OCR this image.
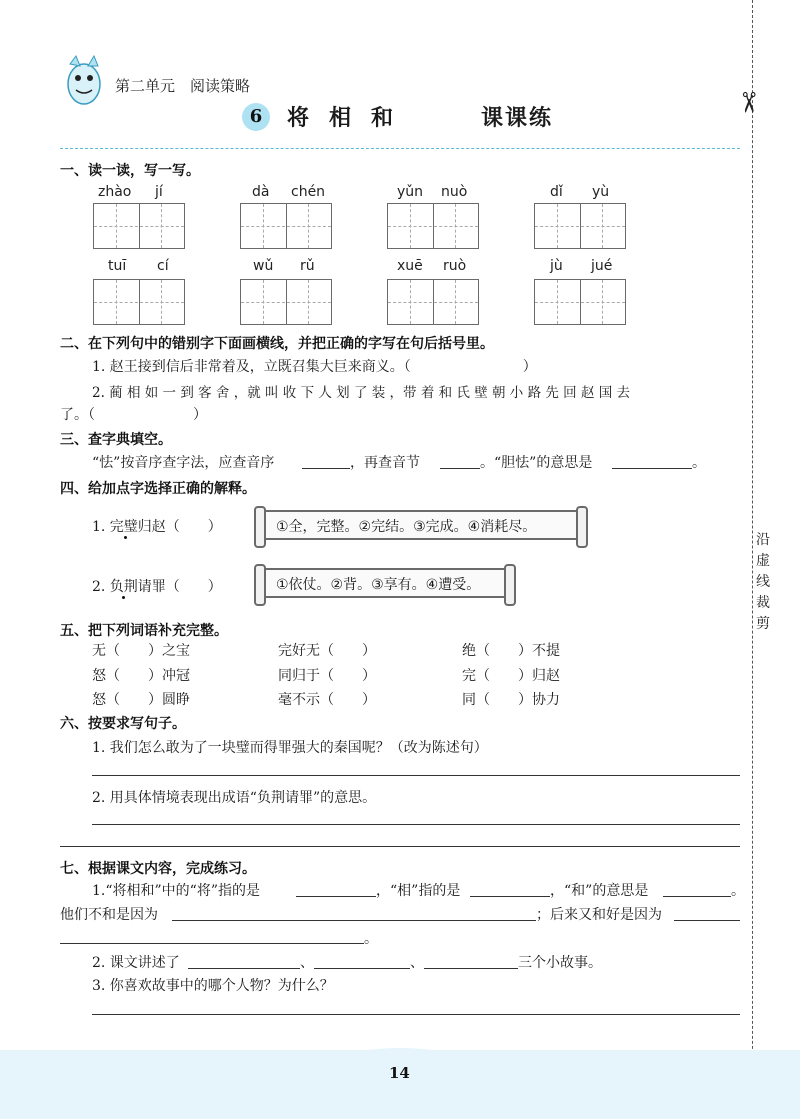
✂
沿虚线裁剪
第二单元　阅读策略
6	将相和	课课练
一、读一读，写一写。
zhào jí	dà chén	yǔn nuò	dǐ yù
tuī cí	wǔ rǔ	xuē ruò	jù jué
二、在下列句中的错别字下面画横线，并把正确的字写在句后括号里。
1. 赵王接到信后非常着及，立既召集大巨来商义。（　　　　　　　　）
2. 蔺 相 如 一 到 客 舍 ，就 叫 收 下 人 划 了 装 ，带 着 和 氏 壁 朝 小 路 先 回 赵 国 去
了。（　　　　　　　）
三、查字典填空。
“怯”按音序查字法，应查音序	，再查音节	。“胆怯”的意思是	。
四、给加点字选择正确的解释。
1. 完璧归赵（　　）	①全，完整。②完结。③完成。④消耗尽。
2. 负荆请罪（　　）	①依仗。②背。③享有。④遭受。
五、把下列词语补充完整。
无（　　）之宝	完好无（　　）	绝（　　）不提
怒（　　）冲冠	同归于（　　）	完（　　）归赵
怒（　　）圆睁	毫不示（　　）	同（　　）协力
六、按要求写句子。
1. 我们怎么敢为了一块璧而得罪强大的秦国呢？（改为陈述句）
2. 用具体情境表现出成语“负荆请罪”的意思。
七、根据课文内容，完成练习。
1.“将相和”中的“将”指的是	，“相”指的是	，“和”的意思是	。
他们不和是因为	；后来又和好是因为
。
2. 课文讲述了	、	、	三个小故事。
3. 你喜欢故事中的哪个人物？为什么？
14
